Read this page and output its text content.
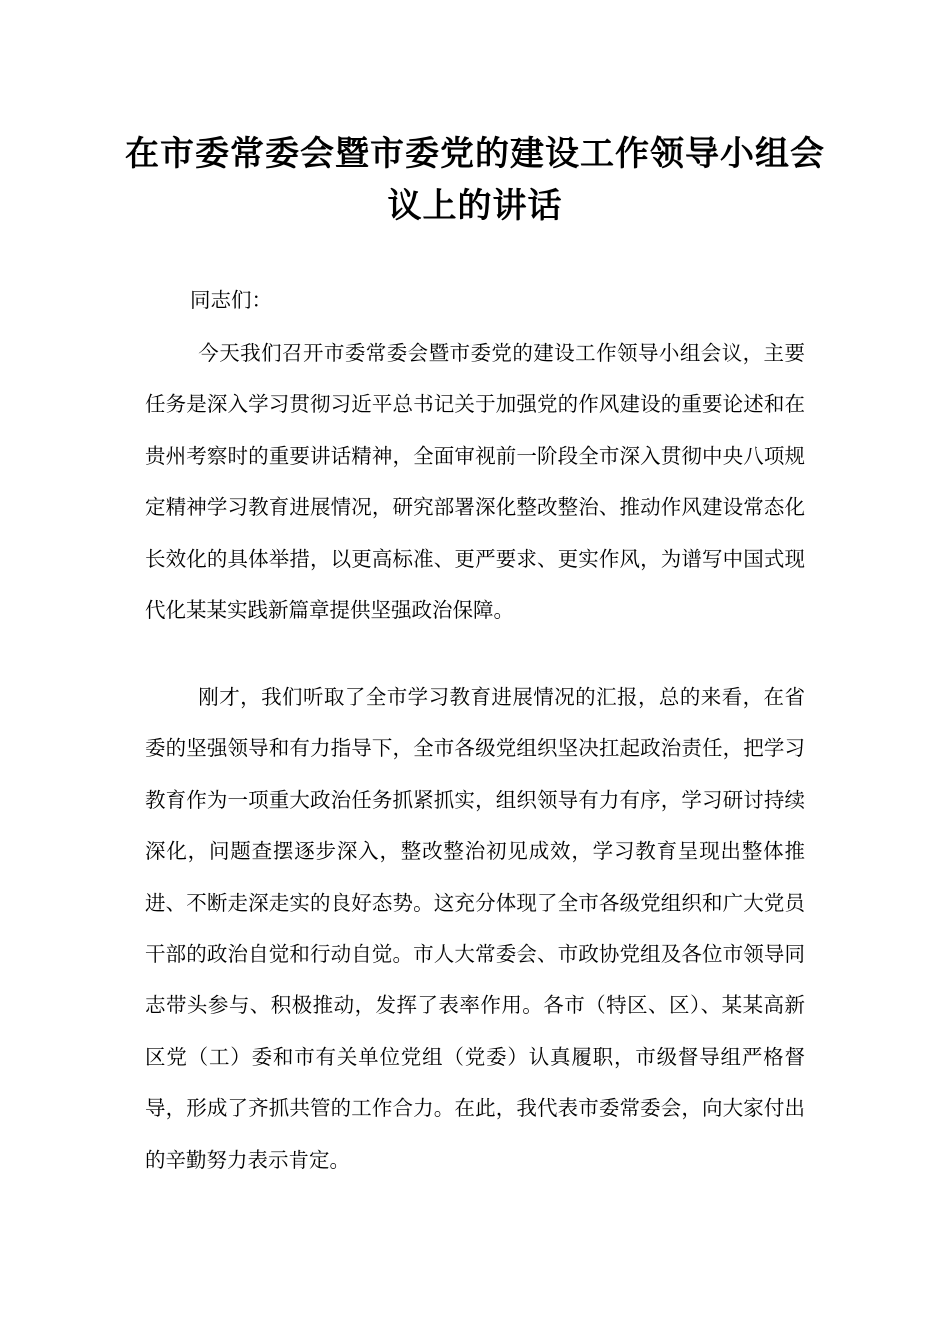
在市委常委会暨市委党的建设工作领导小组会议上的讲话

同志们：

今天我们召开市委常委会暨市委党的建设工作领导小组会议，主要任务是深入学习贯彻习近平总书记关于加强党的作风建设的重要论述和在贵州考察时的重要讲话精神，全面审视前一阶段全市深入贯彻中央八项规定精神学习教育进展情况，研究部署深化整改整治、推动作风建设常态化长效化的具体举措，以更高标准、更严要求、更实作风，为谱写中国式现代化某某实践新篇章提供坚强政治保障。

刚才，我们听取了全市学习教育进展情况的汇报，总的来看，在省委的坚强领导和有力指导下，全市各级党组织坚决扛起政治责任，把学习教育作为一项重大政治任务抓紧抓实，组织领导有力有序，学习研讨持续深化，问题查摆逐步深入，整改整治初见成效，学习教育呈现出整体推进、不断走深走实的良好态势。这充分体现了全市各级党组织和广大党员干部的政治自觉和行动自觉。市人大常委会、市政协党组及各位市领导同志带头参与、积极推动，发挥了表率作用。各市（特区、区）、某某高新区党（工）委和市有关单位党组（党委）认真履职，市级督导组严格督导，形成了齐抓共管的工作合力。在此，我代表市委常委会，向大家付出的辛勤努力表示肯定。
